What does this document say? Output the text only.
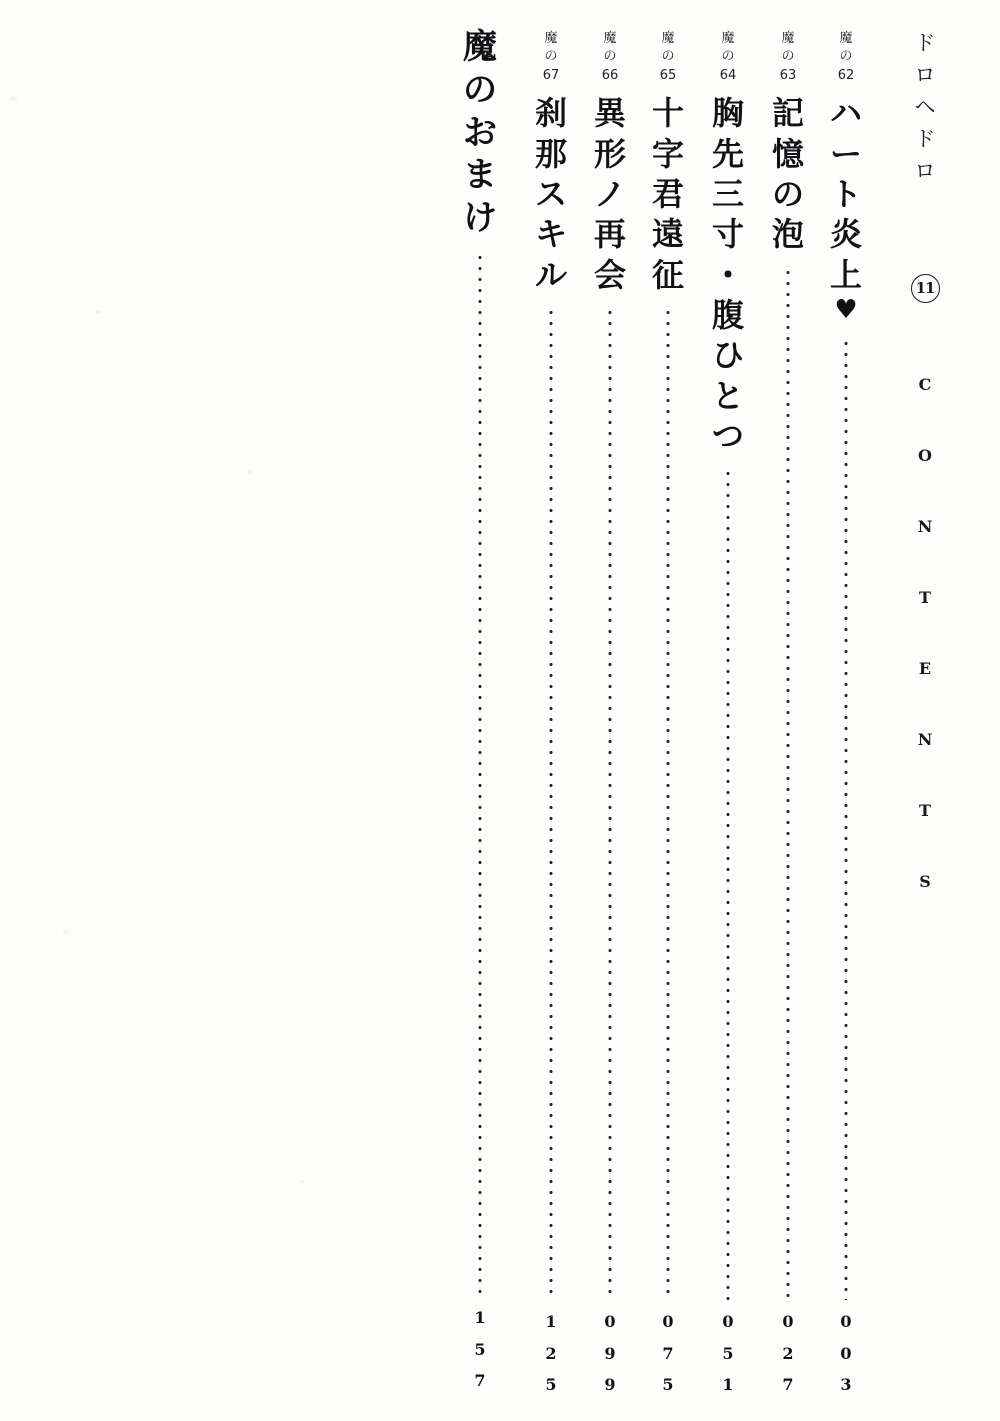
ド
ロ
ヘ
ド
ロ
11
C
O
N
T
E
N
T
S
魔
の
62
ハ
ー
ト
炎
上
♥
0
0
3
魔
の
63
記
憶
の
泡
0
2
7
魔
の
64
胸
先
三
寸
・
腹
ひ
と
つ
0
5
1
魔
の
65
十
字
君
遠
征
0
7
5
魔
の
66
異
形
ノ
再
会
0
9
9
魔
の
67
刹
那
ス
キ
ル
1
2
5
魔
の
お
ま
け
1
5
7
